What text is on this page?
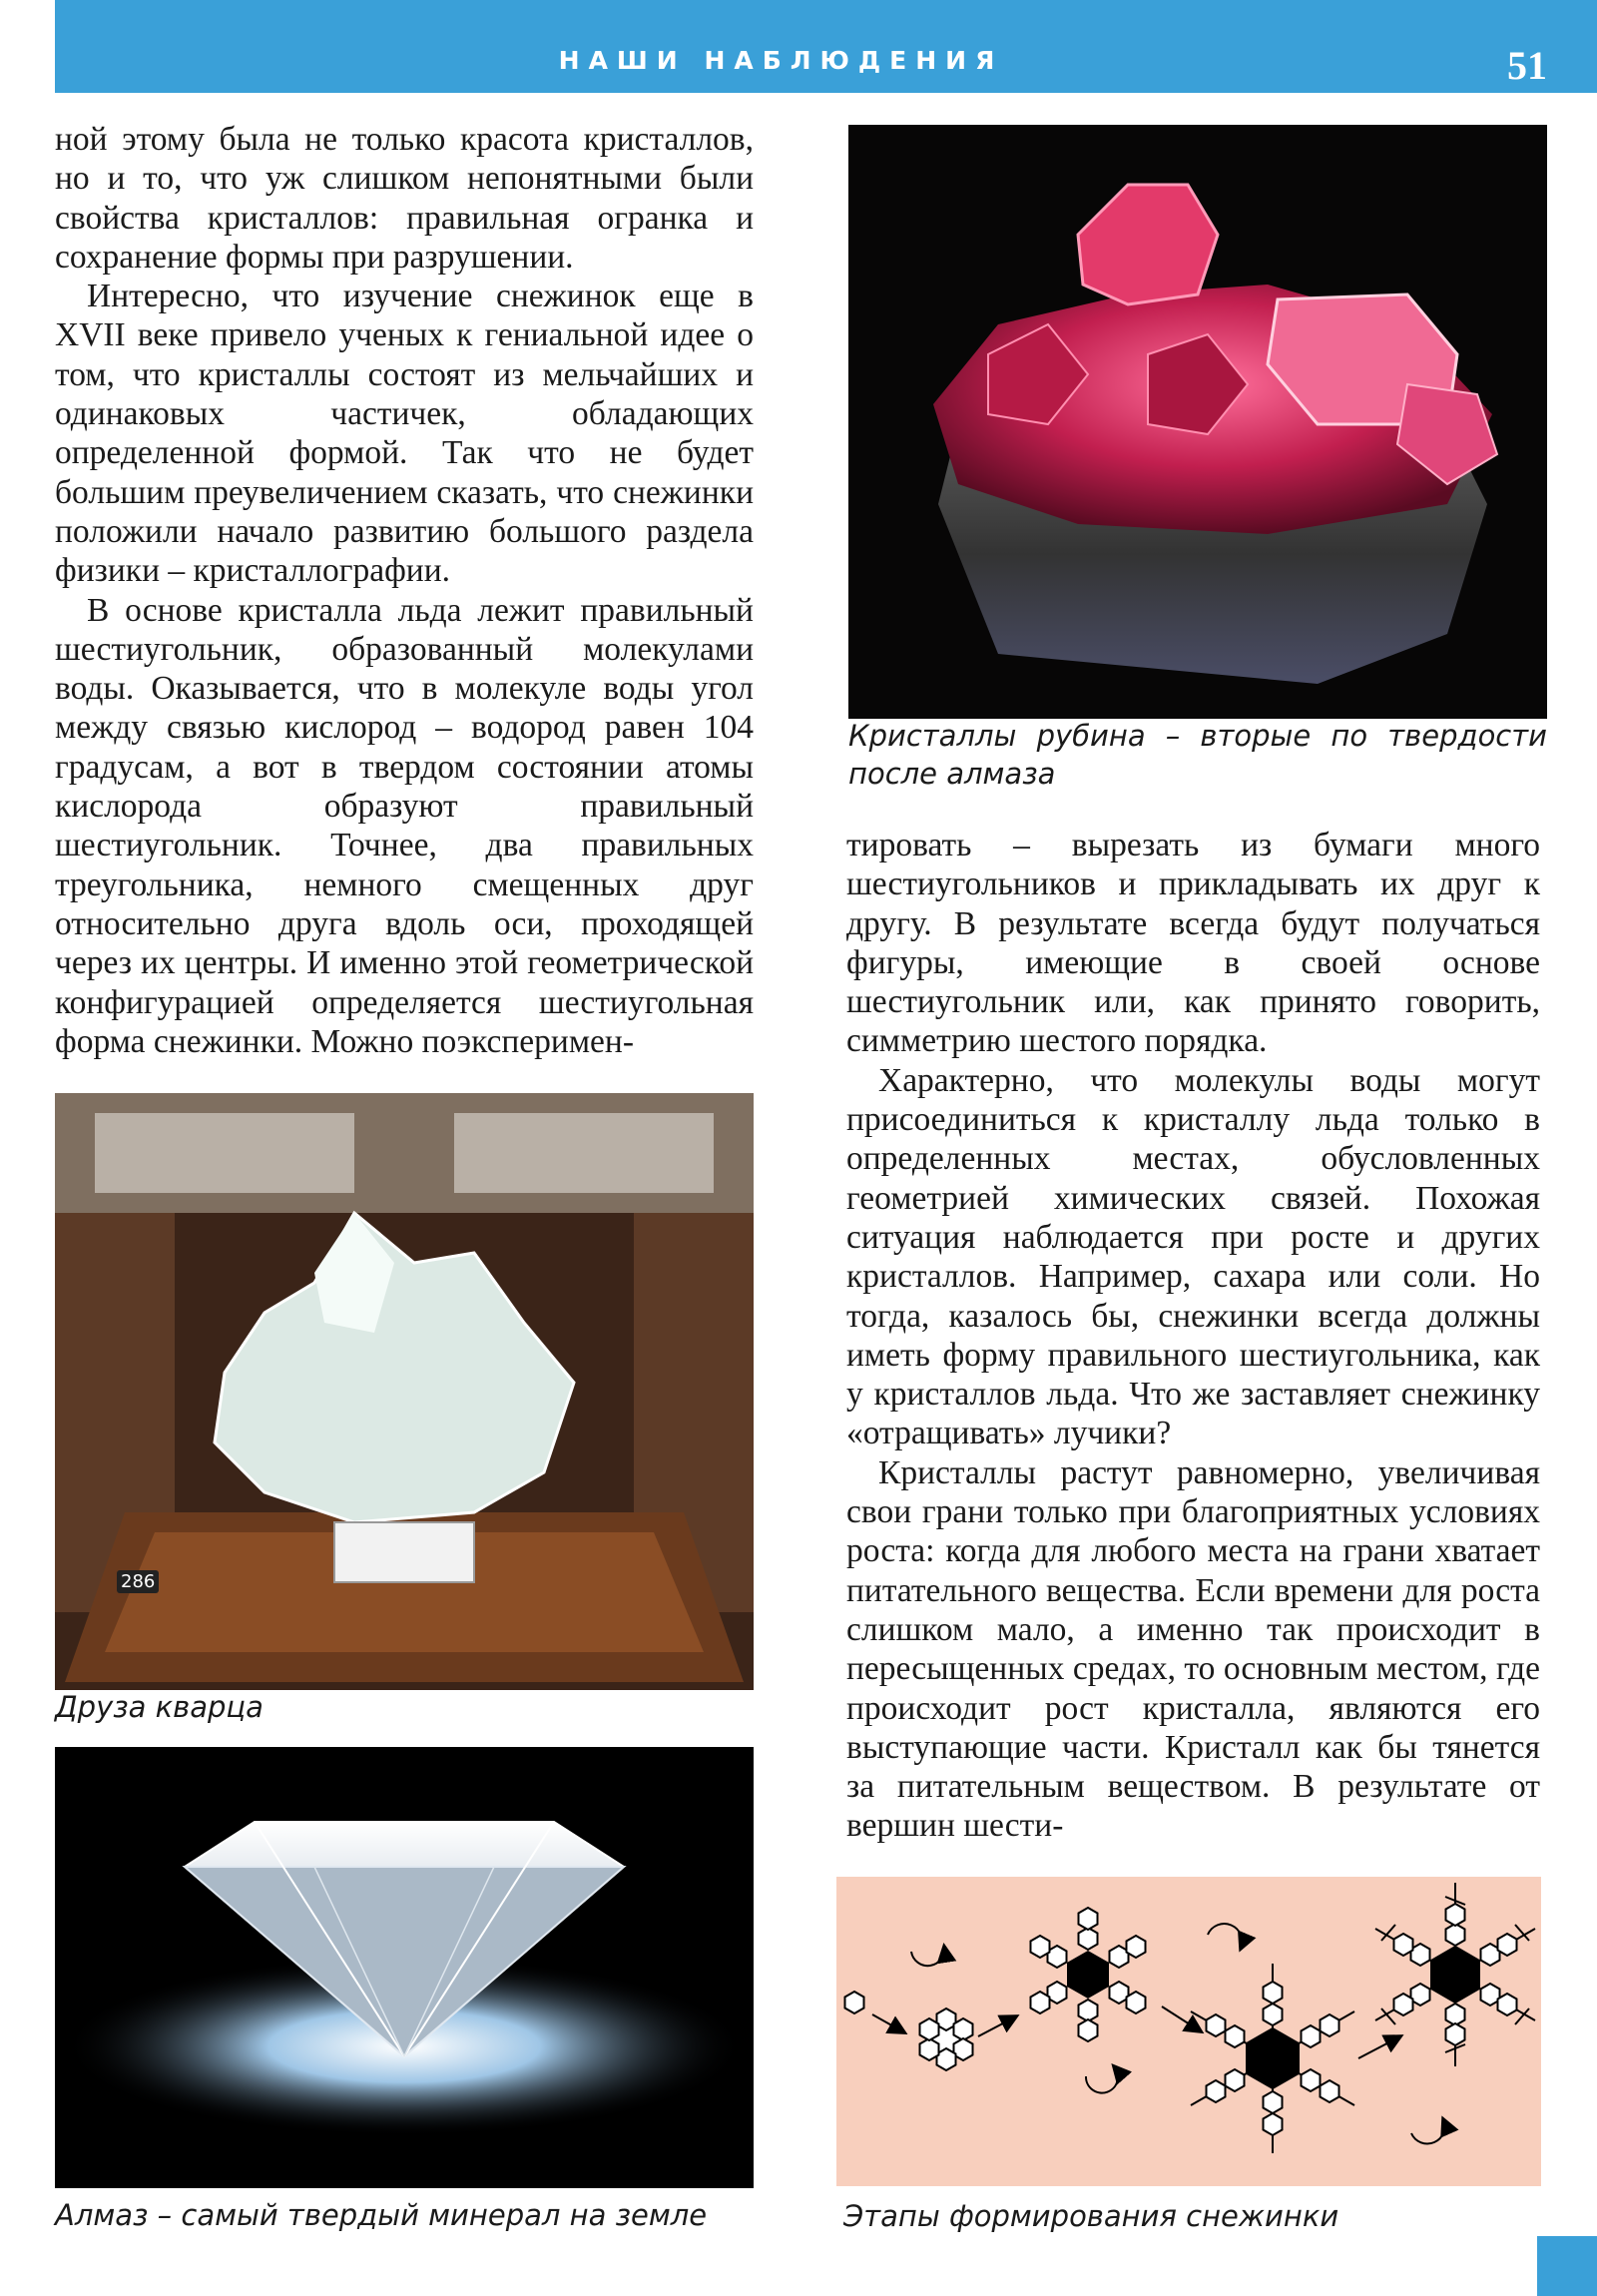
НАШИ НАБЛЮДЕНИЯ	51

ной этому была не только красота кристаллов, но и то, что уж слишком непонятными были свойства кристаллов: правильная огранка и сохранение формы при разрушении.

Интересно, что изучение снежинок еще в XVII веке привело ученых к гениальной идее о том, что кристаллы состоят из мельчайших и одинаковых частичек, обладающих определенной формой. Так что не будет большим преувеличением сказать, что снежинки положили начало развитию большого раздела физики – кристаллографии.

В основе кристалла льда лежит правильный шестиугольник, образованный молекулами воды. Оказывается, что в молекуле воды угол между связью кислород – водород равен 104 градусам, а вот в твердом состоянии атомы кислорода образуют правильный шестиугольник. Точнее, два правильных треугольника, немного смещенных друг относительно друга вдоль оси, проходящей через их центры. И именно этой геометрической конфигурацией определяется шестиугольная форма снежинки. Можно поэксперимен-

Кристаллы рубина – вторые по твердости после алмаза

тировать – вырезать из бумаги много шестиугольников и прикладывать их друг к другу. В результате всегда будут получаться фигуры, имеющие в своей основе шестиугольник или, как принято говорить, симметрию шестого порядка.

Характерно, что молекулы воды могут присоединиться к кристаллу льда только в определенных местах, обусловленных геометрией химических связей. Похожая ситуация наблюдается при росте и других кристаллов. Например, сахара или соли. Но тогда, казалось бы, снежинки всегда должны иметь форму правильного шестиугольника, как у кристаллов льда. Что же заставляет снежинку «отращивать» лучики?

Кристаллы растут равномерно, увеличивая свои грани только при благоприятных условиях роста: когда для любого места на грани хватает питательного вещества. Если времени для роста слишком мало, а именно так происходит в пересыщенных средах, то основным местом, где происходит рост кристалла, являются его выступающие части. Кристалл как бы тянется за питательным веществом. В результате от вершин шести-

286
Друза кварца
Алмаз – самый твердый минерал на земле	Этапы формирования снежинки
